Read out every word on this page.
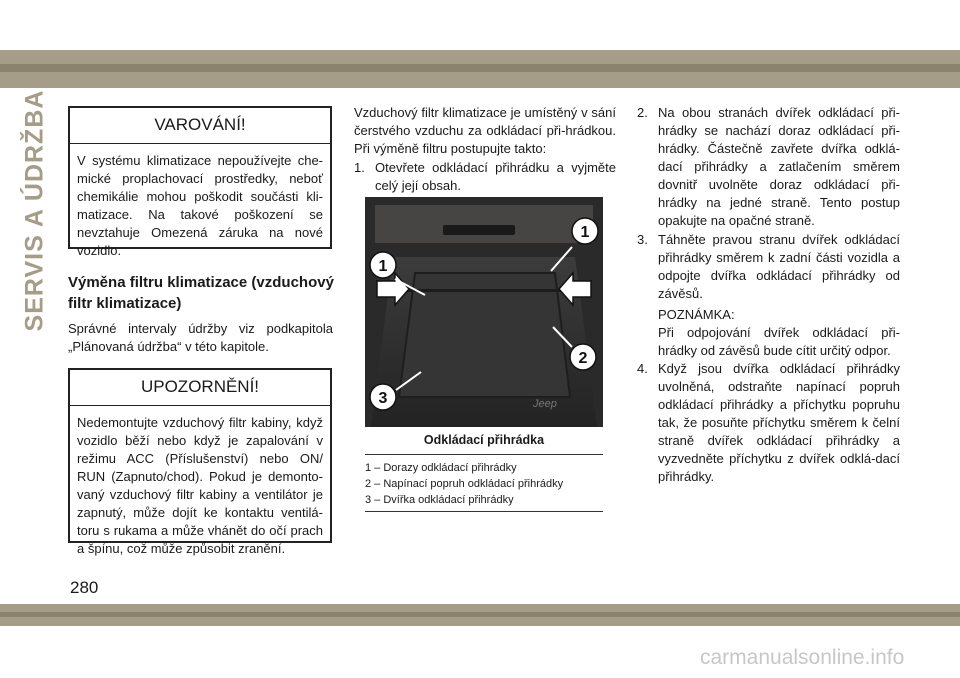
SERVIS A ÚDRŽBA	VAROVÁNÍ!
V systému klimatizace nepoužívejte che-mické proplachovací prostředky, neboť chemikálie mohou poškodit součásti kli-matizace. Na takové poškození se nevztahuje Omezená záruka na nové vozidlo.
Výměna filtru klimatizace (vzduchový filtr klimatizace)
Správné intervaly údržby viz podkapitola „Plánovaná údržba“ v této kapitole.
UPOZORNĚNÍ!
Nedemontujte vzduchový filtr kabiny, když vozidlo běží nebo když je zapalování v režimu ACC (Příslušenství) nebo ON/ RUN (Zapnuto/chod). Pokud je demonto-vaný vzduchový filtr kabiny a ventilátor je zapnutý, může dojít ke kontaktu ventilá-toru s rukama a může vhánět do očí prach a špínu, což může způsobit zranění.
Vzduchový filtr klimatizace je umístěný v sání čerstvého vzduchu za odkládací při-hrádkou. Při výměně filtru postupujte takto:
1. Otevřete odkládací přihrádku a vyjměte celý její obsah.
Jeep
1
1
2
3
Odkládací přihrádka
1 – Dorazy odkládací přihrádky
2 – Napínací popruh odkládací přihrádky
3 – Dvířka odkládací přihrádky
2. Na obou stranách dvířek odkládací při-hrádky se nachází doraz odkládací při-hrádky. Částečně zavřete dvířka odklá-dací přihrádky a zatlačením směrem dovnitř uvolněte doraz odkládací při-hrádky na jedné straně. Tento postup opakujte na opačné straně.
3. Táhněte pravou stranu dvířek odkládací přihrádky směrem k zadní části vozidla a odpojte dvířka odkládací přihrádky od závěsů.
POZNÁMKA:
Při odpojování dvířek odkládací při-hrádky od závěsů bude cítit určitý odpor.
4. Když jsou dvířka odkládací přihrádky uvolněná, odstraňte napínací popruh odkládací přihrádky a příchytku popruhu tak, že posuňte příchytku směrem k čelní straně dvířek odkládací přihrádky a vyzvedněte příchytku z dvířek odklá-dací přihrádky.
280
carmanualsonline.info
